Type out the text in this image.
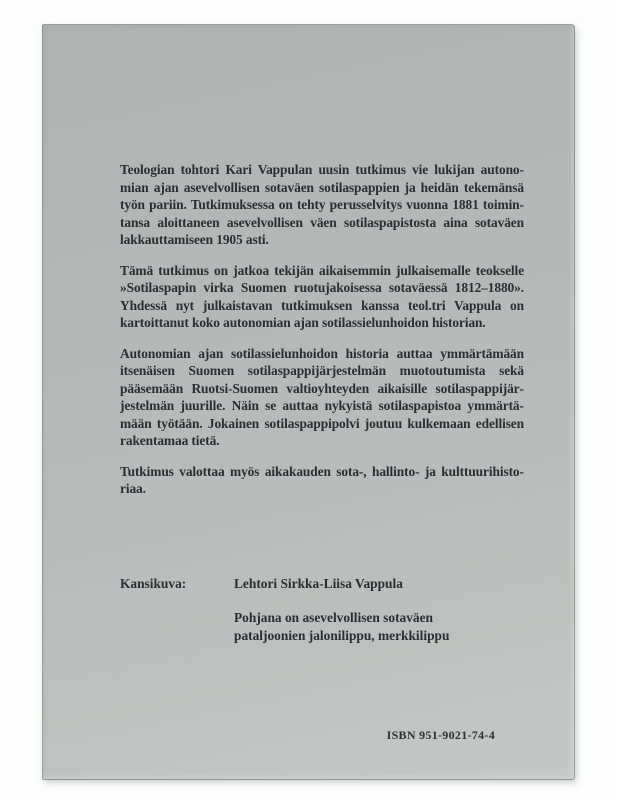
Teologian tohtori Kari Vappulan uusin tutkimus vie lukijan autonomian ajan asevelvollisen sotaväen sotilaspappien ja heidän tekemänsä työn pariin. Tutkimuksessa on tehty perusselvitys vuonna 1881 toimintansa aloittaneen asevelvollisen väen sotilaspapistosta aina sotaväen lakkauttamiseen 1905 asti.

Tämä tutkimus on jatkoa tekijän aikaisemmin julkaisemalle teokselle »Sotilaspapin virka Suomen ruotujakoisessa sotaväessä 1812–1880». Yhdessä nyt julkaistavan tutkimuksen kanssa teol.tri Vappula on kartoittanut koko autonomian ajan sotilassielunhoidon historian.

Autonomian ajan sotilassielunhoidon historia auttaa ymmärtämään itsenäisen Suomen sotilaspappijärjestelmän muotoutumista sekä pääsemään Ruotsi-Suomen valtioyhteyden aikaisille sotilaspappijärjestelmän juurille. Näin se auttaa nykyistä sotilaspapistoa ymmärtämään työtään. Jokainen sotilaspappipolvi joutuu kulkemaan edellisen rakentamaa tietä.

Tutkimus valottaa myös aikakauden sota-, hallinto- ja kulttuurihistoriaa.

Kansikuva:	Lehtori Sirkka-Liisa Vappula
Pohjana on asevelvollisen sotaväen
pataljoonien jalonilippu, merkkilippu
ISBN 951-9021-74-4
